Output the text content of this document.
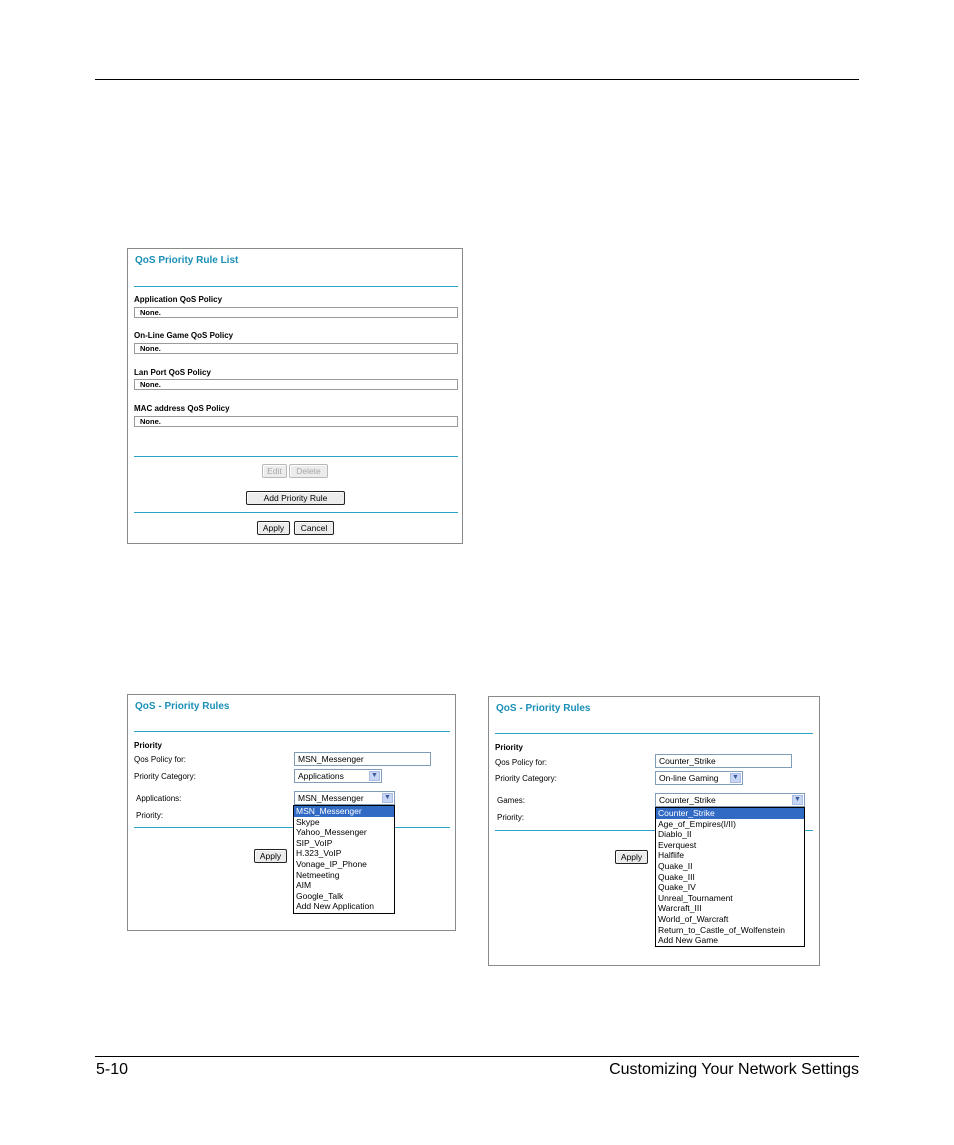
QoS Priority Rule List
Application QoS Policy
None.
On-Line Game QoS Policy
None.
Lan Port QoS Policy
None.
MAC address QoS Policy
None.
Edit	Delete
Add Priority Rule
Apply	Cancel
QoS - Priority Rules
Priority
Qos Policy for:	MSN_Messenger
Priority Category:	Applications	▼
Applications:	MSN_Messenger	▼
Priority:
Apply
MSN_Messenger
Skype
Yahoo_Messenger
SIP_VoIP
H.323_VoIP
Vonage_IP_Phone
Netmeeting
AIM
Google_Talk
Add New Application
QoS - Priority Rules
Priority
Qos Policy for:	Counter_Strike
Priority Category:	On-line Gaming ▼
Games:	Counter_Strike	▼
Priority:
Apply
Counter_Strike
Age_of_Empires(I/II)
Diablo_II
Everquest
Halflife
Quake_II
Quake_III
Quake_IV
Unreal_Tournament
Warcraft_III
World_of_Warcraft
Return_to_Castle_of_Wolfenstein
Add New Game
5-10	Customizing Your Network Settings
